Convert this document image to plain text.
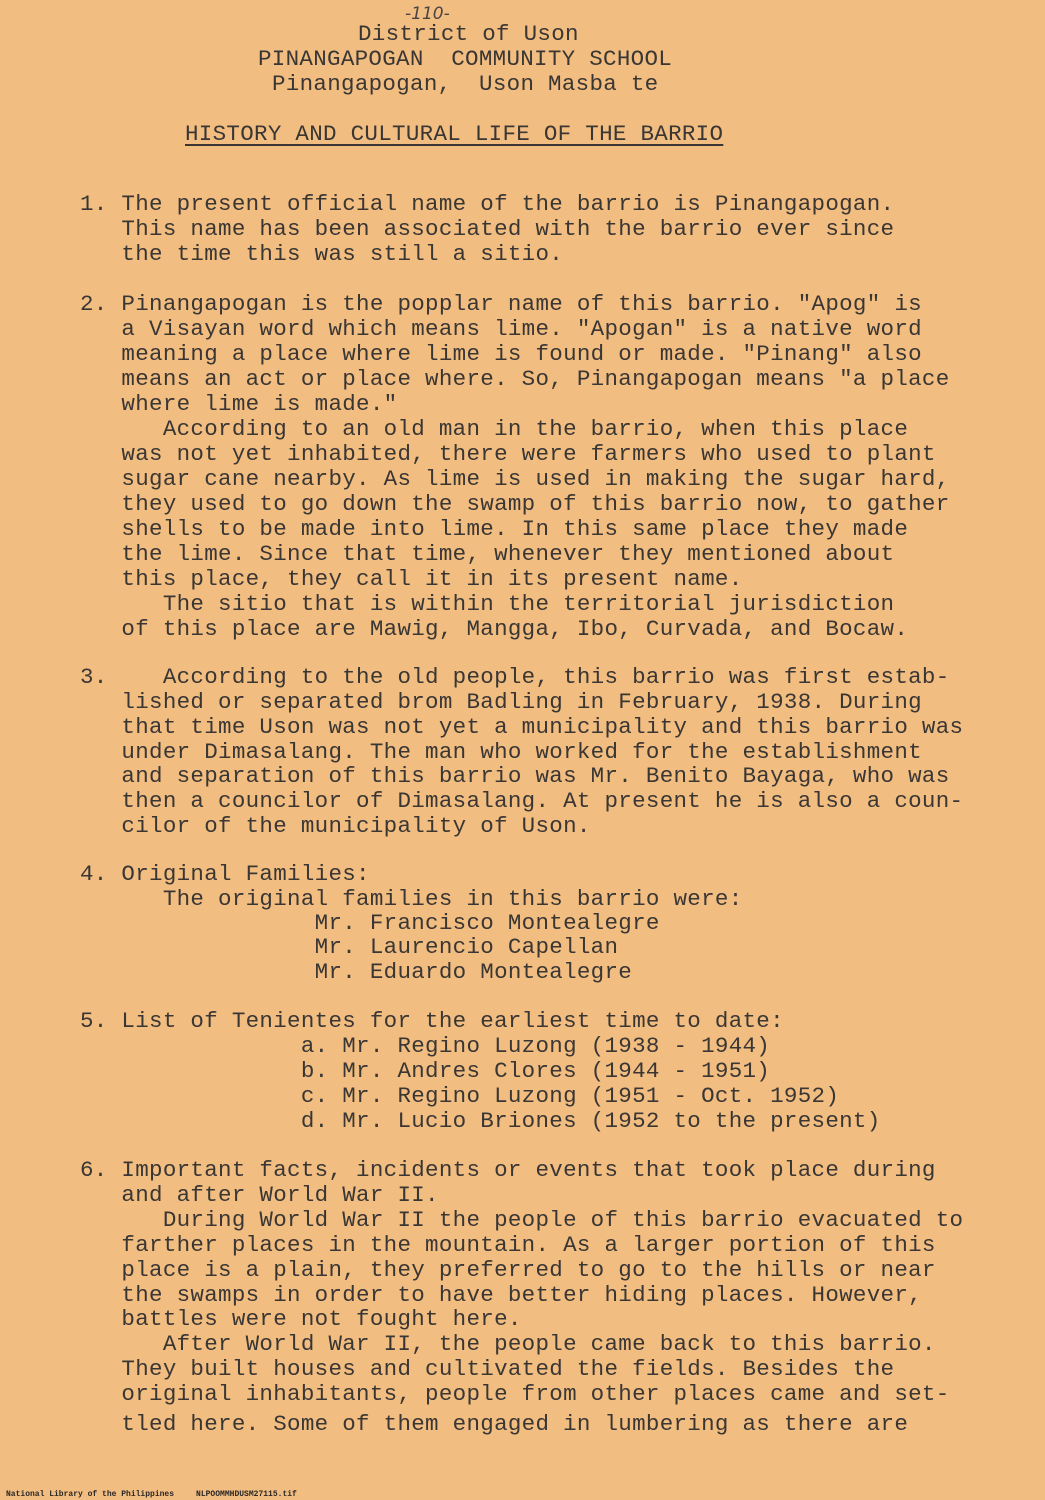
-110-
District of Uson
PINANGAPOGAN  COMMUNITY SCHOOL
Pinangapogan,  Uson Masba te
HISTORY AND CULTURAL LIFE OF THE BARRIO
1. The present official name of the barrio is Pinangapogan.
This name has been associated with the barrio ever since
the time this was still a sitio.
2. Pinangapogan is the popplar name of this barrio. "Apog" is
a Visayan word which means lime. "Apogan" is a native word
meaning a place where lime is found or made. "Pinang" also
means an act or place where. So, Pinangapogan means "a place
where lime is made."
According to an old man in the barrio, when this place
was not yet inhabited, there were farmers who used to plant
sugar cane nearby. As lime is used in making the sugar hard,
they used to go down the swamp of this barrio now, to gather
shells to be made into lime. In this same place they made
the lime. Since that time, whenever they mentioned about
this place, they call it in its present name.
The sitio that is within the territorial jurisdiction
of this place are Mawig, Mangga, Ibo, Curvada, and Bocaw.
3.    According to the old people, this barrio was first estab-
lished or separated brom Badling in February, 1938. During
that time Uson was not yet a municipality and this barrio was
under Dimasalang. The man who worked for the establishment
and separation of this barrio was Mr. Benito Bayaga, who was
then a councilor of Dimasalang. At present he is also a coun-
cilor of the municipality of Uson.
4. Original Families:
The original families in this barrio were:
Mr. Francisco Montealegre
Mr. Laurencio Capellan
Mr. Eduardo Montealegre
5. List of Tenientes for the earliest time to date:
a. Mr. Regino Luzong (1938 - 1944)
b. Mr. Andres Clores (1944 - 1951)
c. Mr. Regino Luzong (1951 - Oct. 1952)
d. Mr. Lucio Briones (1952 to the present)
6. Important facts, incidents or events that took place during
and after World War II.
During World War II the people of this barrio evacuated to
farther places in the mountain. As a larger portion of this
place is a plain, they preferred to go to the hills or near
the swamps in order to have better hiding places. However,
battles were not fought here.
After World War II, the people came back to this barrio.
They built houses and cultivated the fields. Besides the
original inhabitants, people from other places came and set-
tled here. Some of them engaged in lumbering as there are
National Library of the Philippines	NLPOOMMHDUSM27115.tif
